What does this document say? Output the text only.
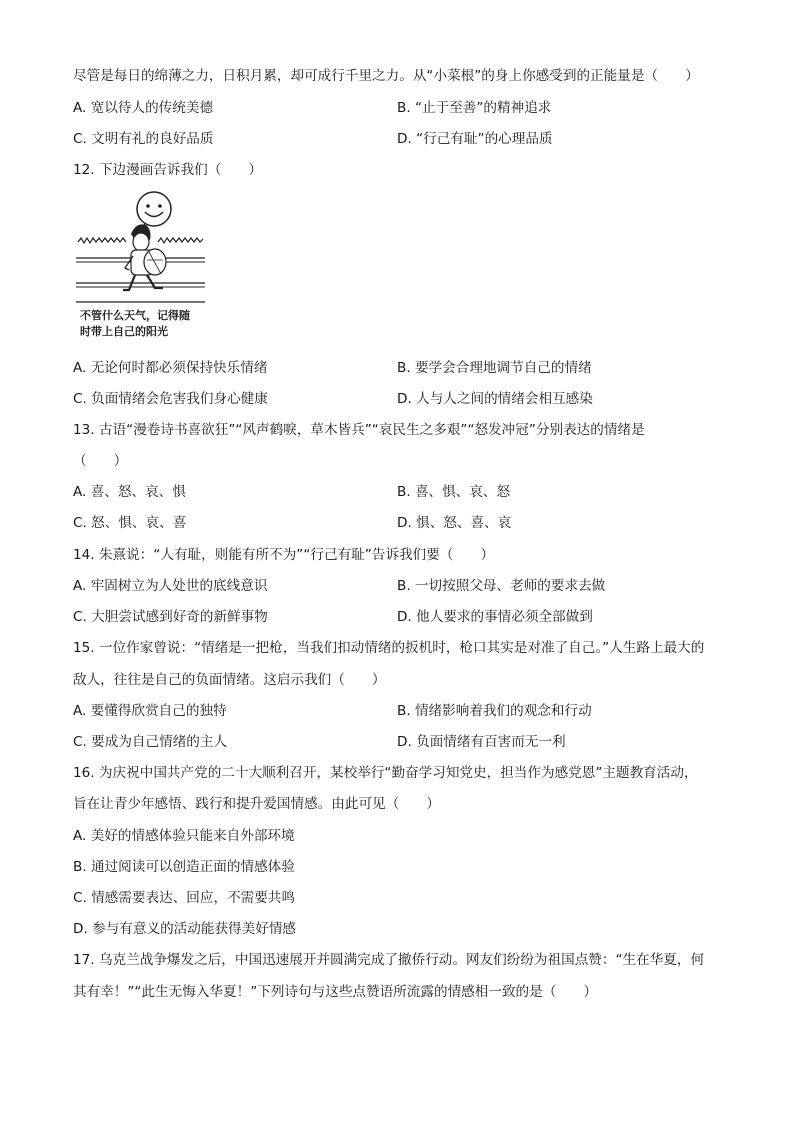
尽管是每日的绵薄之力，日积月累，却可成行千里之力。从“小菜根”的身上你感受到的正能量是（　　）
A. 宽以待人的传统美德	B. “止于至善”的精神追求
C. 文明有礼的良好品质	D. “行己有耻”的心理品质
12. 下边漫画告诉我们（　　）
不管什么天气，记得随
时带上自己的阳光
A. 无论何时都必须保持快乐情绪	B. 要学会合理地调节自己的情绪
C. 负面情绪会危害我们身心健康	D. 人与人之间的情绪会相互感染
13. 古语“漫卷诗书喜欲狂”“风声鹤唳，草木皆兵”“哀民生之多艰”“怒发冲冠”分别表达的情绪是
（　　）
A. 喜、怒、哀、惧	B. 喜、惧、哀、怒
C. 怒、惧、哀、喜	D. 惧、怒、喜、哀
14. 朱熹说：“人有耻，则能有所不为”“行己有耻”告诉我们要（　　）
A. 牢固树立为人处世的底线意识	B. 一切按照父母、老师的要求去做
C. 大胆尝试感到好奇的新鲜事物	D. 他人要求的事情必须全部做到
15. 一位作家曾说：“情绪是一把枪，当我们扣动情绪的扳机时，枪口其实是对准了自己。”人生路上最大的
敌人，往往是自己的负面情绪。这启示我们（　　）
A. 要懂得欣赏自己的独特	B. 情绪影响着我们的观念和行动
C. 要成为自己情绪的主人	D. 负面情绪有百害而无一利
16. 为庆祝中国共产党的二十大顺利召开，某校举行“勤奋学习知党史，担当作为感党恩”主题教育活动，
旨在让青少年感悟、践行和提升爱国情感。由此可见（　　）
A. 美好的情感体验只能来自外部环境
B. 通过阅读可以创造正面的情感体验
C. 情感需要表达、回应，不需要共鸣
D. 参与有意义的活动能获得美好情感
17. 乌克兰战争爆发之后，中国迅速展开并圆满完成了撤侨行动。网友们纷纷为祖国点赞：“生在华夏，何
其有幸！”“此生无悔入华夏！”下列诗句与这些点赞语所流露的情感相一致的是（　　）
